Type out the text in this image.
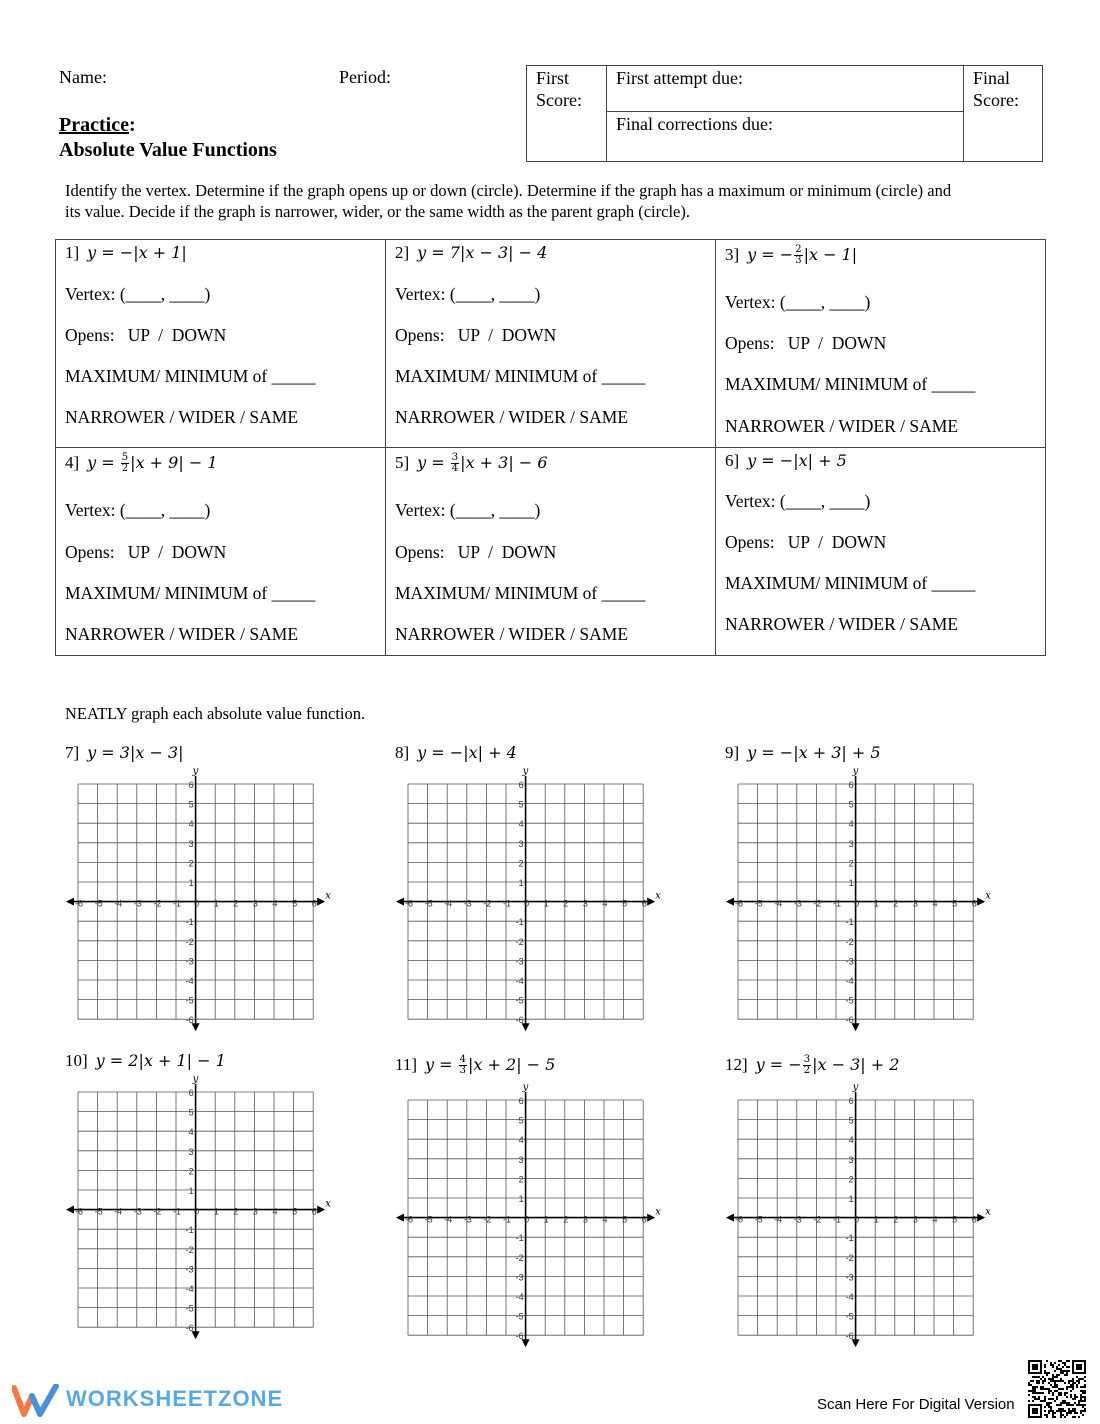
Name:	Period:
Practice:
Absolute Value Functions
First
Score:
First attempt due:
Final corrections due:
Final
Score:
Identify the vertex. Determine if the graph opens up or down (circle). Determine if the graph has a maximum or minimum (circle) and
its value. Decide if the graph is narrower, wider, or the same width as the parent graph (circle).
1] y = −|x + 1|
Vertex: (____, ____)
Opens:   UP  /  DOWN
MAXIMUM/ MINIMUM of _____
NARROWER / WIDER / SAME
2] y = 7|x − 3| − 4
Vertex: (____, ____)
Opens:   UP  /  DOWN
MAXIMUM/ MINIMUM of _____
NARROWER / WIDER / SAME
3] y = − $\frac{2}{3} |x - 1|$
Vertex: (____, ____)
Opens:   UP  /  DOWN
MAXIMUM/ MINIMUM of _____
NARROWER / WIDER / SAME
4] $y = \frac{5}{2} |x + 9| - 1$
Vertex: (____, ____)
Opens:   UP  /  DOWN
MAXIMUM/ MINIMUM of _____
NARROWER / WIDER / SAME
5] $y = \frac{3}{4} |x + 3| - 6$
Vertex: (____, ____)
Opens:   UP  /  DOWN
MAXIMUM/ MINIMUM of _____
NARROWER / WIDER / SAME
6] y = −|x| + 5
Vertex: (____, ____)
Opens:   UP  /  DOWN
MAXIMUM/ MINIMUM of _____
NARROWER / WIDER / SAME
NEATLY graph each absolute value function.
7] y = 3|x − 3|
x
y
-6 -5 -4 -3 -2 -1 0 1 2 3 4 5 6
6
5
4
3
2
1
-1
-2
-3
-4
-5
-6
8] y = −|x| + 4
x
y
-6 -5 -4 -3 -2 -1 0 1 2 3 4 5 6
6
5
4
3
2
1
-1
-2
-3
-4
-5
-6
9] y = −|x + 3| + 5
x
y
-6 -5 -4 -3 -2 -1 0 1 2 3 4 5 6
6
5
4
3
2
1
-1
-2
-3
-4
-5
-6
10] y = 2|x + 1| − 1
x
y
-6 -5 -4 -3 -2 -1 0 1 2 3 4 5 6
6
5
4
3
2
1
-1
-2
-3
-4
-5
-6
11] $y = \frac{4}{3} |x + 2| - 5$
x
y
-6 -5 -4 -3 -2 -1 0 1 2 3 4 5 6
6
5
4
3
2
1
-1
-2
-3
-4
-5
-6
12] y = − $\frac{3}{2} |x - 3| + 2$
x
y
-6 -5 -4 -3 -2 -1 0 1 2 3 4 5 6
6
5
4
3
2
1
-1
-2
-3
-4
-5
-6
WORKSHEETZONE	Scan Here For Digital Version
